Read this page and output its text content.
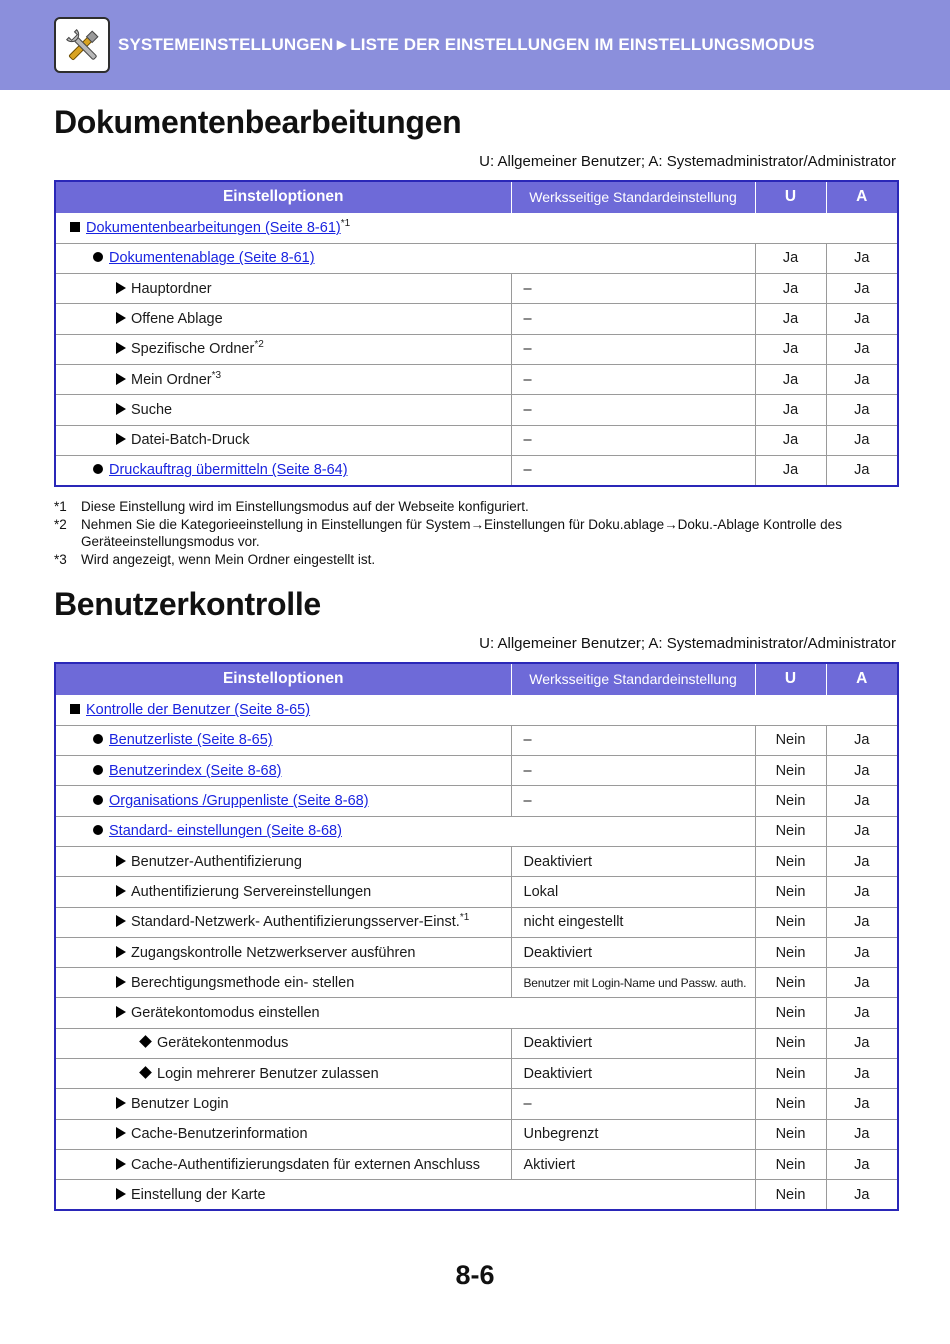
SYSTEMEINSTELLUNGEN►LISTE DER EINSTELLUNGEN IM EINSTELLUNGSMODUS
Dokumentenbearbeitungen
U: Allgemeiner Benutzer; A: Systemadministrator/Administrator
Einstelloptionen	Werksseitige Standardeinstellung	U	A
Dokumentenbearbeitungen (Seite 8-61)$^{*1}$
Dokumentenablage (Seite 8-61)		Ja	Ja
Hauptordner	–	Ja	Ja
Offene Ablage	–	Ja	Ja
Spezifische Ordner$^{*2}$	–	Ja	Ja
Mein Ordner$^{*3}$	–	Ja	Ja
Suche	–	Ja	Ja
Datei-Batch-Druck	–	Ja	Ja
Druckauftrag übermitteln (Seite 8-64)	–	Ja	Ja
*1	Diese Einstellung wird im Einstellungsmodus auf der Webseite konfiguriert.
*2	Nehmen Sie die Kategorieeinstellung in Einstellungen für System→Einstellungen für Doku.ablage→Doku.-Ablage Kontrolle des Geräteeinstellungsmodus vor.
*3	Wird angezeigt, wenn Mein Ordner eingestellt ist.
Benutzerkontrolle
U: Allgemeiner Benutzer; A: Systemadministrator/Administrator
Einstelloptionen	Werksseitige Standardeinstellung	U	A
Kontrolle der Benutzer (Seite 8-65)			
Benutzerliste (Seite 8-65)	–	Nein	Ja
Benutzerindex (Seite 8-68)	–	Nein	Ja
Organisations /Gruppenliste (Seite 8-68)	–	Nein	Ja
Standard- einstellungen (Seite 8-68)		Nein	Ja
Benutzer-Authentifizierung	Deaktiviert	Nein	Ja
Authentifizierung Servereinstellungen	Lokal	Nein	Ja
Standard-Netzwerk- Authentifizierungsserver-Einst.$^{*1}$	nicht eingestellt	Nein	Ja
Zugangskontrolle Netzwerkserver ausführen	Deaktiviert	Nein	Ja
Berechtigungsmethode ein- stellen	Benutzer mit Login-Name und Passw. auth.	Nein	Ja
Gerätekontomodus einstellen		Nein	Ja
Gerätekontenmodus	Deaktiviert	Nein	Ja
Login mehrerer Benutzer zulassen	Deaktiviert	Nein	Ja
Benutzer Login	–	Nein	Ja
Cache-Benutzerinformation	Unbegrenzt	Nein	Ja
Cache-Authentifizierungsdaten für externen Anschluss	Aktiviert	Nein	Ja
Einstellung der Karte		Nein	Ja
8-6
